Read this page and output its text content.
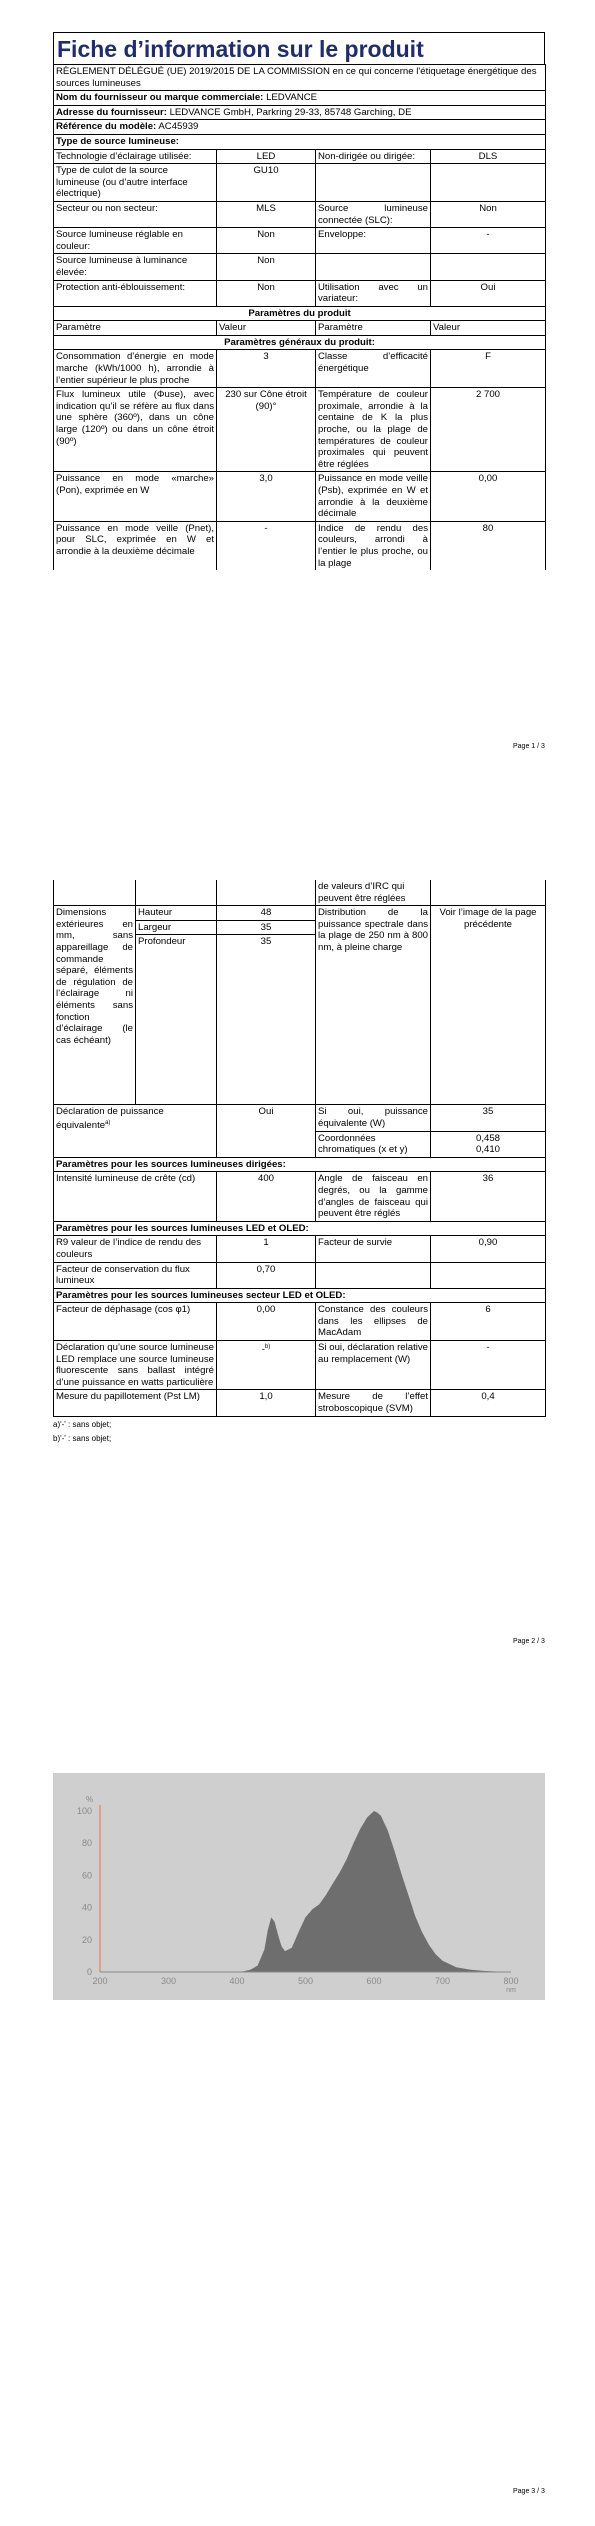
Fiche d’information sur le produit
RÈGLEMENT DÉLÉGUÉ (UE) 2019/2015 DE LA COMMISSION en ce qui concerne l'étiquetage énergétique des sources lumineuses			
Nom du fournisseur ou marque commerciale: LEDVANCE			
Adresse du fournisseur: LEDVANCE GmbH, Parkring 29-33, 85748 Garching, DE			
Référence du modèle: AC45939			
Type de source lumineuse:			
Technologie d’éclairage utilisée:	LED	Non-dirigée ou dirigée:	DLS
Type de culot de la source lumineuse (ou d’autre interface électrique)	GU10		
Secteur ou non secteur:	MLS	Source lumineuse connectée (SLC):	Non
Source lumineuse réglable en couleur:	Non	Enveloppe:	-
Source lumineuse à luminance élevée:	Non		
Protection anti-éblouissement:	Non	Utilisation avec un variateur:	Oui
Paramètres du produit			
Paramètre	Valeur	Paramètre	Valeur
Paramètres généraux du produit:			
Consommation d’énergie en mode marche (kWh/1000 h), arrondie à l’entier supérieur le plus proche	3	Classe d’efficacité énergétique	F
Flux lumineux utile (Φuse), avec indication qu’il se réfère au flux dans une sphère (360º), dans un cône large (120º) ou dans un cône étroit (90º)	230 sur Cône étroit (90)°	Température de couleur proximale, arrondie à la centaine de K la plus proche, ou la plage de températures de couleur proximales qui peuvent être réglées	2 700
Puissance en mode «marche» (Pon), exprimée en W	3,0	Puissance en mode veille (Psb), exprimée en W et arrondie à la deuxième décimale	0,00
Puissance en mode veille (Pnet), pour SLC, exprimée en W et arrondie à la deuxième décimale	-	Indice de rendu des couleurs, arrondi à l’entier le plus proche, ou la plage	80
Page 1 / 3
			de valeurs d’IRC qui peuvent être réglées	
Dimensions extérieures en mm, sans appareillage de commande séparé, éléments de régulation de l’éclairage ni éléments sans fonction d’éclairage (le cas échéant)	Hauteur	48	Distribution de la puissance spectrale dans la plage de 250 nm à 800 nm, à pleine charge	Voir l’image de la page précédente
	Largeur	35		
	Profondeur	35		
Déclaration de puissance équivalente$^{a)}$		Oui	Si oui, puissance équivalente (W)	35
			Coordonnées chromatiques (x et y)	0,458
0,410

Paramètres pour les sources lumineuses dirigées:				
Intensité lumineuse de crête (cd)		400	Angle de faisceau en degrés, ou la gamme d’angles de faisceau qui peuvent être réglés	36
Paramètres pour les sources lumineuses LED et OLED:				
R9 valeur de l’indice de rendu des couleurs		1	Facteur de survie	0,90
Facteur de conservation du flux lumineux		0,70		
Paramètres pour les sources lumineuses secteur LED et OLED:				
Facteur de déphasage (cos φ1)		0,00	Constance des couleurs dans les ellipses de MacAdam	6
Déclaration qu’une source lumineuse LED remplace une source lumineuse fluorescente sans ballast intégré d’une puissance en watts particulière		-$^{b)}$	Si oui, déclaration relative au remplacement (W)	-
Mesure du papillotement (Pst LM)		1,0	Mesure de l’effet stroboscopique (SVM)	0,4
a)'-' : sans objet;
b)'-' : sans objet;
Page 2 / 3
0
20
40
60
80
100
200	300	400	500	600	700	800
%
nm
Page 3 / 3
